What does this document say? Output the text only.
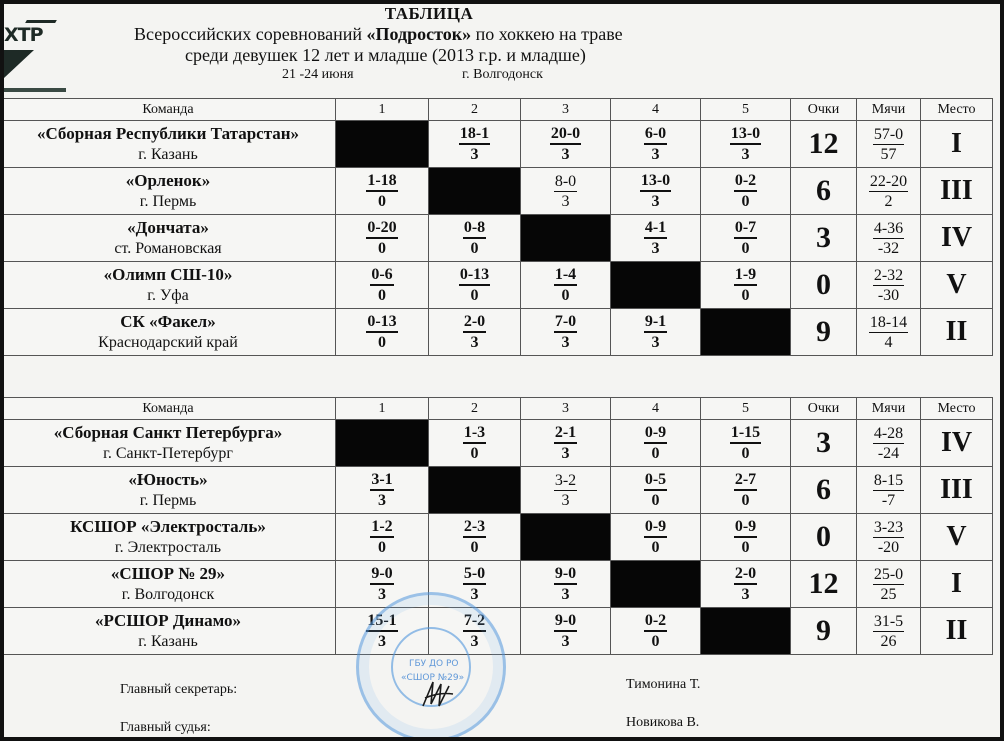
ХТР
ТАБЛИЦА
Всероссийских соревнований «Подросток» по хоккею на траве
среди девушек 12 лет и младше (2013 г.р. и младше)
21 -24 июня	г. Волгодонск
Команда	1	2	3	4	5	Очки	Мячи	Место

«Сборная Республики Татарстан»
г. Казань		$\frac{18-1}{3}$	$\frac{20-0}{3}$	$\frac{6-0}{3}$	$\frac{13-0}{3}$	12	$\frac{57-0}{57}$	I

«Орленок»
г. Пермь	$\frac{1-18}{0}$		$\frac{8-0}{3}$	$\frac{13-0}{3}$	$\frac{0-2}{0}$	6	$\frac{22-20}{2}$	III

«Дончата»
ст. Романовская	$\frac{0-20}{0}$	$\frac{0-8}{0}$		$\frac{4-1}{3}$	$\frac{0-7}{0}$	3	$\frac{4-36}{-32}$	IV

«Олимп СШ-10»
г. Уфа	$\frac{0-6}{0}$	$\frac{0-13}{0}$	$\frac{1-4}{0}$		$\frac{1-9}{0}$	0	$\frac{2-32}{-30}$	V

СК «Факел»
Краснодарский край	$\frac{0-13}{0}$	$\frac{2-0}{3}$	$\frac{7-0}{3}$	$\frac{9-1}{3}$		9	$\frac{18-14}{4}$	II
Команда	1	2	3	4	5	Очки	Мячи	Место

«Сборная Санкт Петербурга»
г. Санкт-Петербург		$\frac{1-3}{0}$	$\frac{2-1}{3}$	$\frac{0-9}{0}$	$\frac{1-15}{0}$	3	$\frac{4-28}{-24}$	IV

«Юность»
г. Пермь	$\frac{3-1}{3}$		$\frac{3-2}{3}$	$\frac{0-5}{0}$	$\frac{2-7}{0}$	6	$\frac{8-15}{-7}$	III

КСШОР «Электросталь»
г. Электросталь	$\frac{1-2}{0}$	$\frac{2-3}{0}$		$\frac{0-9}{0}$	$\frac{0-9}{0}$	0	$\frac{3-23}{-20}$	V

«СШОР № 29»
г. Волгодонск	$\frac{9-0}{3}$	$\frac{5-0}{3}$	$\frac{9-0}{3}$		$\frac{2-0}{3}$	12	$\frac{25-0}{25}$	I

«РСШОР Динамо»
г. Казань	$\frac{15-1}{3}$	$\frac{7-2}{3}$	$\frac{9-0}{3}$	$\frac{0-2}{0}$		9	$\frac{31-5}{26}$	II
ГБУ ДО РО
«СШОР №29»
Главный секретарь:	Тимонина Т.
Главный судья:	Новикова В.
